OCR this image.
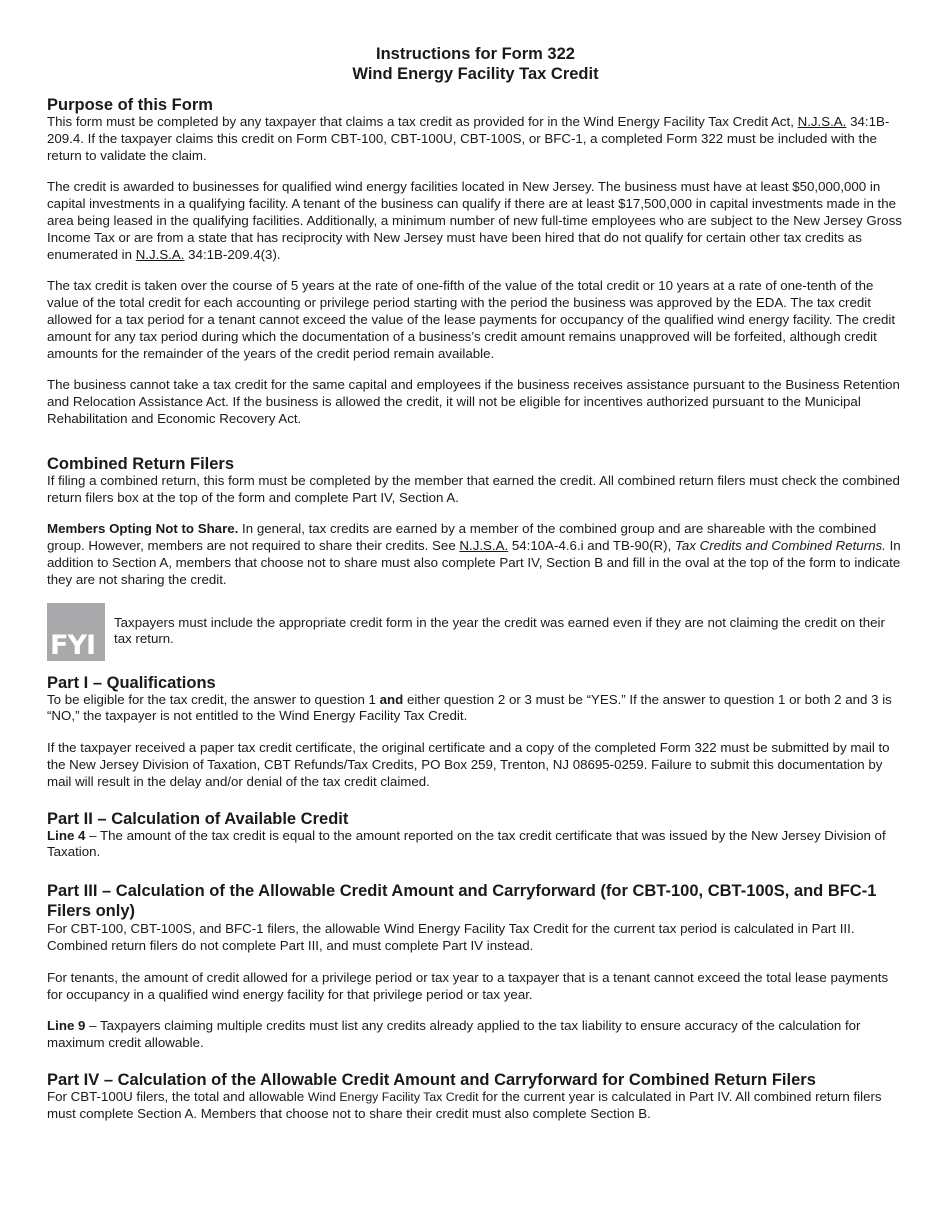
Instructions for Form 322

Wind Energy Facility Tax Credit

Purpose of this Form

This form must be completed by any taxpayer that claims a tax credit as provided for in the Wind Energy Facility Tax Credit Act, N.J.S.A. 34:1B-209.4. If the taxpayer claims this credit on Form CBT-100, CBT-100U, CBT-100S, or BFC-1, a completed Form 322 must be included with the return to validate the claim.

The credit is awarded to businesses for qualified wind energy facilities located in New Jersey. The business must have at least $50,000,000 in capital investments in a qualifying facility. A tenant of the business can qualify if there are at least $17,500,000 in capital investments made in the area being leased in the qualifying facilities. Additionally, a minimum number of new full-time employees who are subject to the New Jersey Gross Income Tax or are from a state that has reciprocity with New Jersey must have been hired that do not qualify for certain other tax credits as enumerated in N.J.S.A. 34:1B-209.4(3).

The tax credit is taken over the course of 5 years at the rate of one-fifth of the value of the total credit or 10 years at a rate of one-tenth of the value of the total credit for each accounting or privilege period starting with the period the business was approved by the EDA. The tax credit allowed for a tax period for a tenant cannot exceed the value of the lease payments for occupancy of the qualified wind energy facility. The credit amount for any tax period during which the documentation of a business’s credit amount remains unapproved will be forfeited, although credit amounts for the remainder of the years of the credit period remain available.

The business cannot take a tax credit for the same capital and employees if the business receives assistance pursuant to the Business Retention and Relocation Assistance Act. If the business is allowed the credit, it will not be eligible for incentives authorized pursuant to the Municipal Rehabilitation and Economic Recovery Act.

Combined Return Filers

If filing a combined return, this form must be completed by the member that earned the credit. All combined return filers must check the combined return filers box at the top of the form and complete Part IV, Section A.

Members Opting Not to Share. In general, tax credits are earned by a member of the combined group and are shareable with the combined group. However, members are not required to share their credits. See N.J.S.A. 54:10A-4.6.i and TB-90(R), Tax Credits and Combined Returns. In addition to Section A, members that choose not to share must also complete Part IV, Section B and fill in the oval at the top of the form to indicate they are not sharing the credit.

FYI

Taxpayers must include the appropriate credit form in the year the credit was earned even if they are not claiming the credit on their tax return.

Part I – Qualifications

To be eligible for the tax credit, the answer to question 1 and either question 2 or 3 must be “YES.” If the answer to question 1 or both 2 and 3 is “NO,” the taxpayer is not entitled to the Wind Energy Facility Tax Credit.

If the taxpayer received a paper tax credit certificate, the original certificate and a copy of the completed Form 322 must be submitted by mail to the New Jersey Division of Taxation, CBT Refunds/Tax Credits, PO Box 259, Trenton, NJ 08695-0259. Failure to submit this documentation by mail will result in the delay and/or denial of the tax credit claimed.

Part II – Calculation of Available Credit

Line 4 – The amount of the tax credit is equal to the amount reported on the tax credit certificate that was issued by the New Jersey Division of Taxation.

Part III – Calculation of the Allowable Credit Amount and Carryforward (for CBT-100, CBT-100S, and BFC-1 Filers only)

For CBT-100, CBT-100S, and BFC-1 filers, the allowable Wind Energy Facility Tax Credit for the current tax period is calculated in Part III. Combined return filers do not complete Part III, and must complete Part IV instead.

For tenants, the amount of credit allowed for a privilege period or tax year to a taxpayer that is a tenant cannot exceed the total lease payments for occupancy in a qualified wind energy facility for that privilege period or tax year.

Line 9 – Taxpayers claiming multiple credits must list any credits already applied to the tax liability to ensure accuracy of the calculation for maximum credit allowable.

Part IV – Calculation of the Allowable Credit Amount and Carryforward for Combined Return Filers

For CBT-100U filers, the total and allowable Wind Energy Facility Tax Credit for the current year is calculated in Part IV. All combined return filers must complete Section A. Members that choose not to share their credit must also complete Section B.
